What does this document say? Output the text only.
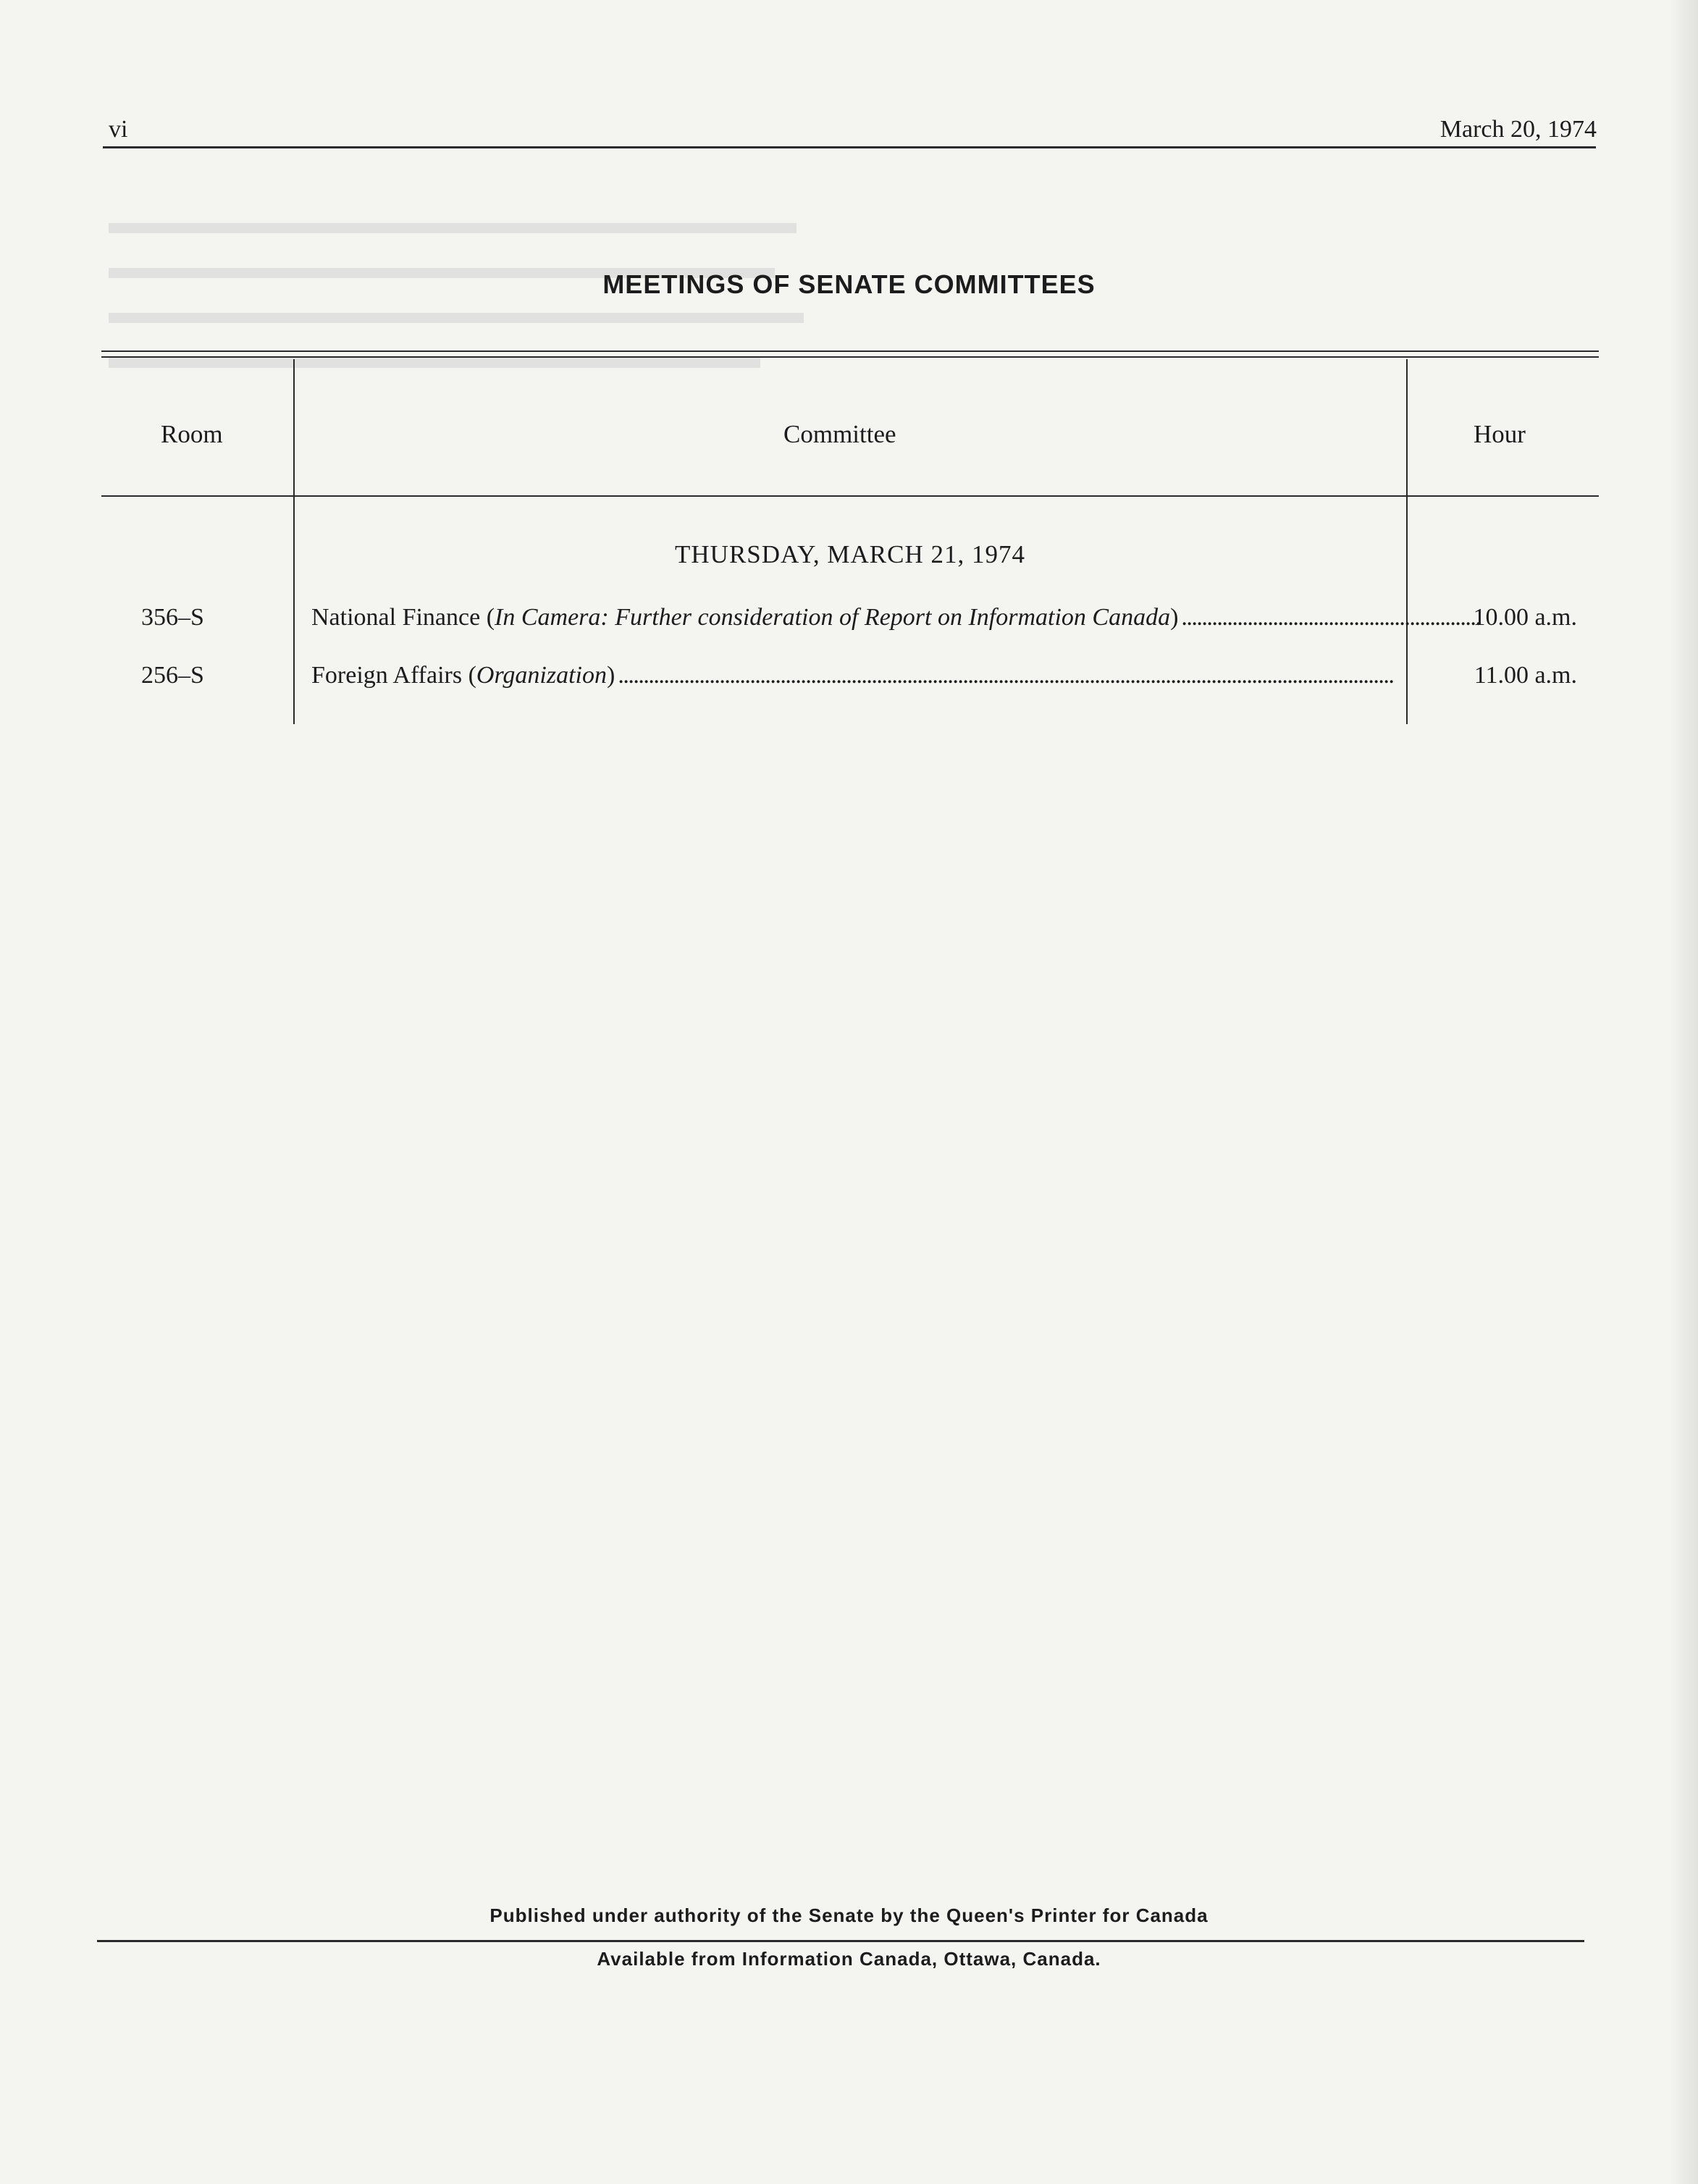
vi	March 20, 1974
MEETINGS OF SENATE COMMITTEES
Room	Committee	Hour
THURSDAY, MARCH 21, 1974
356–S	National Finance ( In Camera: Further consideration of Report on Information Canada ) . . .	10.00 a.m.
256–S	Foreign Affairs ( Organization ) . . .	11.00 a.m.
Published under authority of the Senate by the Queen's Printer for Canada
Available from Information Canada, Ottawa, Canada.
